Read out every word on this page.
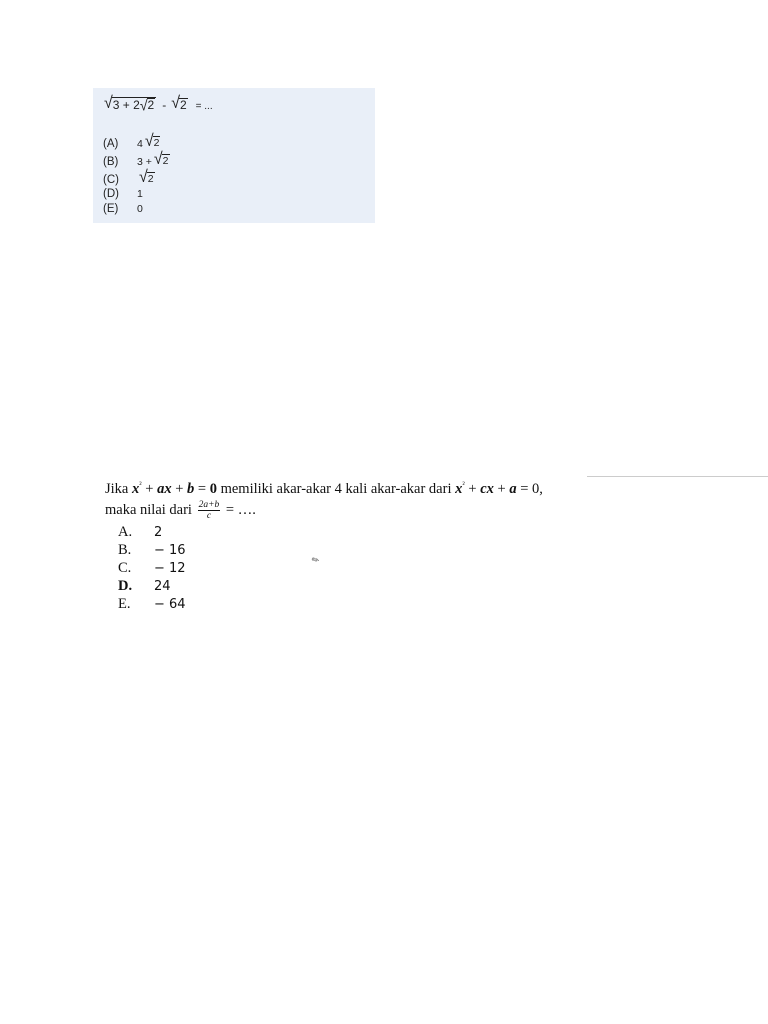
√ 3 + 2 √ 2 - √ 2 = ...
(A)	4 √ 2
(B)	3 + √ 2
(C)	√ 2
(D)	1
(E)	0
Jika $x^{^2}$ + ax + b = 0 memiliki akar-akar 4 kali akar-akar dari $x^{^2}$ + cx + a = 0,
maka nilai dari $\frac{2a+b}{c}$ = ….
A. 2
B. − 16
C. − 12
D. 24
E. − 64
✎
